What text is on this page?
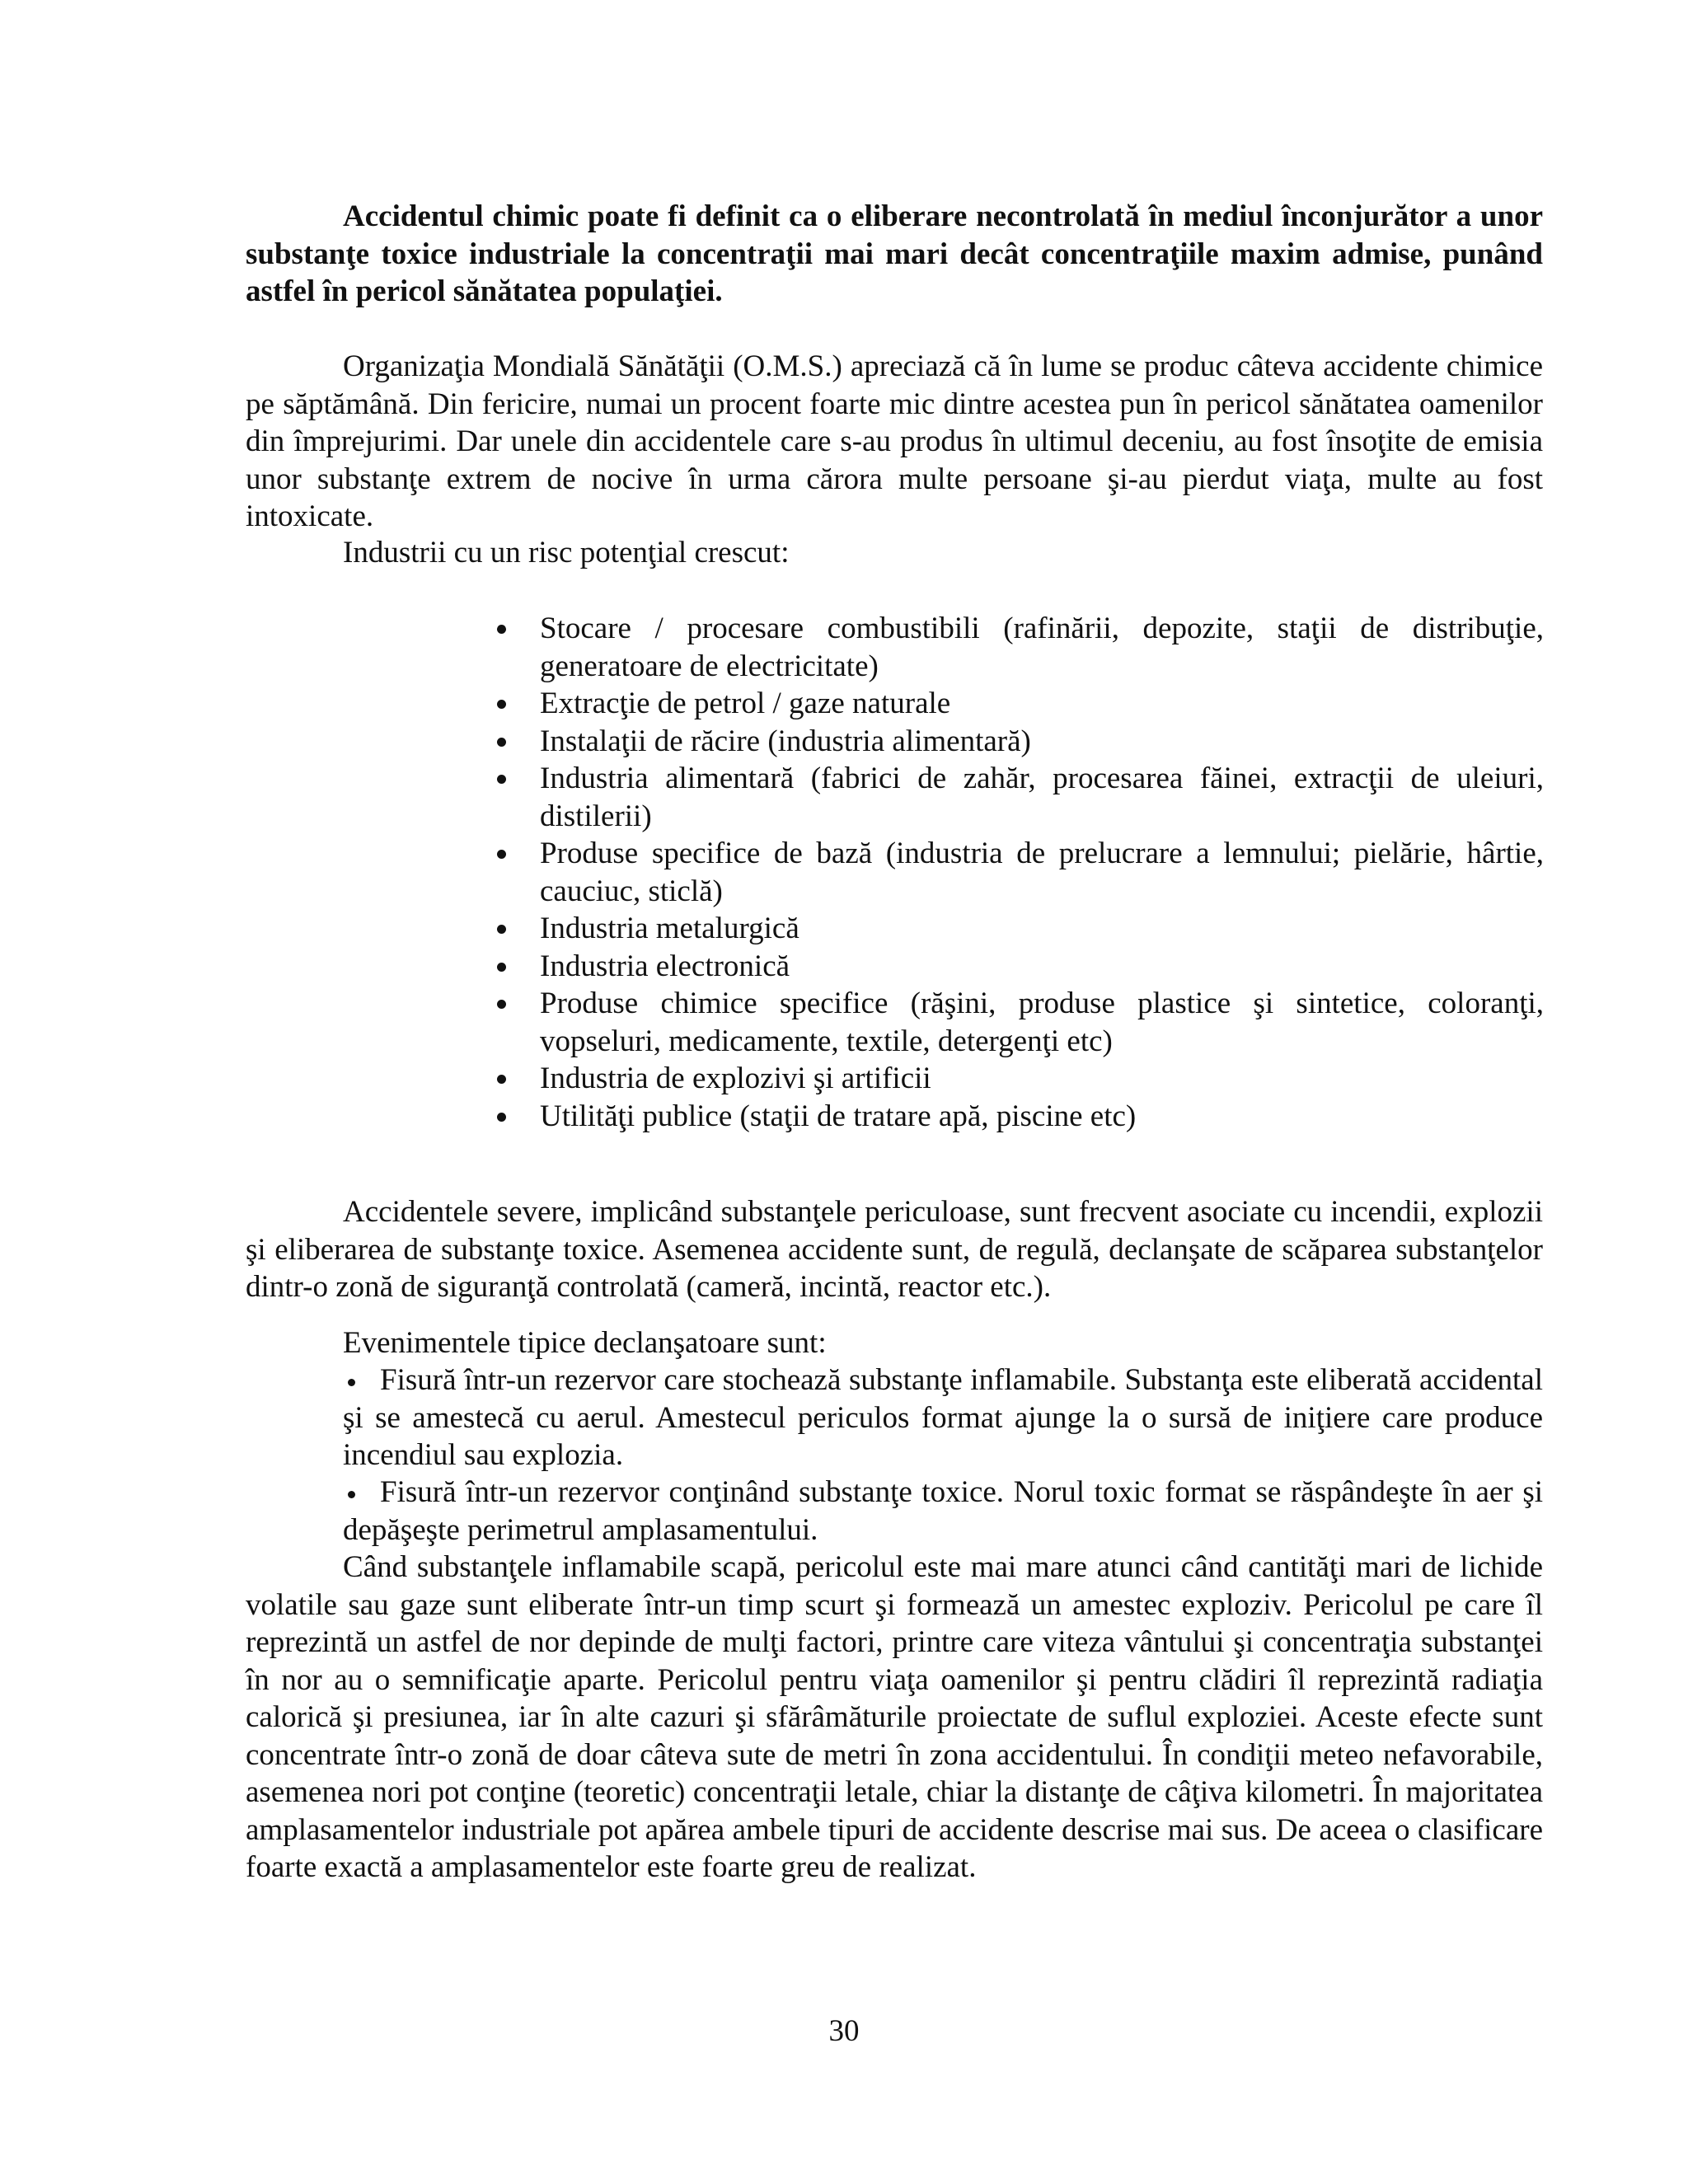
Accidentul chimic poate fi definit ca o eliberare necontrolată în mediul înconjurător a unor substanţe toxice industriale la concentraţii mai mari decât concentraţiile maxim admise, punând astfel în pericol sănătatea populaţiei.

Organizaţia Mondială Sănătăţii (O.M.S.) apreciază că în lume se produc câteva accidente chimice pe săptămână. Din fericire, numai un procent foarte mic dintre acestea pun în pericol sănătatea oamenilor din împrejurimi. Dar unele din accidentele care s-au produs în ultimul deceniu, au fost însoţite de emisia unor substanţe extrem de nocive în urma cărora multe persoane şi-au pierdut viaţa, multe au fost intoxicate.

Industrii cu un risc potenţial crescut:

Stocare / procesare combustibili (rafinării, depozite, staţii de distribuţie, generatoare de electricitate)
Extracţie de petrol / gaze naturale
Instalaţii de răcire (industria alimentară)
Industria alimentară (fabrici de zahăr, procesarea făinei, extracţii de uleiuri, distilerii)
Produse specifice de bază (industria de prelucrare a lemnului; pielărie, hârtie, cauciuc, sticlă)
Industria metalurgică
Industria electronică
Produse chimice specifice (răşini, produse plastice şi sintetice, coloranţi, vopseluri, medicamente, textile, detergenţi etc)
Industria de explozivi şi artificii
Utilităţi publice (staţii de tratare apă, piscine etc)

Accidentele severe, implicând substanţele periculoase, sunt frecvent asociate cu incendii, explozii şi eliberarea de substanţe toxice. Asemenea accidente sunt, de regulă, declanşate de scăparea substanţelor dintr-o zonă de siguranţă controlată (cameră, incintă, reactor etc.).

Evenimentele tipice declanşatoare sunt:

Fisură într-un rezervor care stochează substanţe inflamabile. Substanţa este eliberată accidental şi se amestecă cu aerul. Amestecul periculos format ajunge la o sursă de iniţiere care produce incendiul sau explozia.

Fisură într-un rezervor conţinând substanţe toxice. Norul toxic format se răspândeşte în aer şi depăşeşte perimetrul amplasamentului.

Când substanţele inflamabile scapă, pericolul este mai mare atunci când cantităţi mari de lichide volatile sau gaze sunt eliberate într-un timp scurt şi formează un amestec exploziv. Pericolul pe care îl reprezintă un astfel de nor depinde de mulţi factori, printre care viteza vântului şi concentraţia substanţei în nor au o semnificaţie aparte. Pericolul pentru viaţa oamenilor şi pentru clădiri îl reprezintă radiaţia calorică şi presiunea, iar în alte cazuri şi sfărâmăturile proiectate de suflul exploziei. Aceste efecte sunt concentrate într-o zonă de doar câteva sute de metri în zona accidentului. În condiţii meteo nefavorabile, asemenea nori pot conţine (teoretic) concentraţii letale, chiar la distanţe de câţiva kilometri. În majoritatea amplasamentelor industriale pot apărea ambele tipuri de accidente descrise mai sus. De aceea o clasificare foarte exactă a amplasamentelor este foarte greu de realizat.

30
